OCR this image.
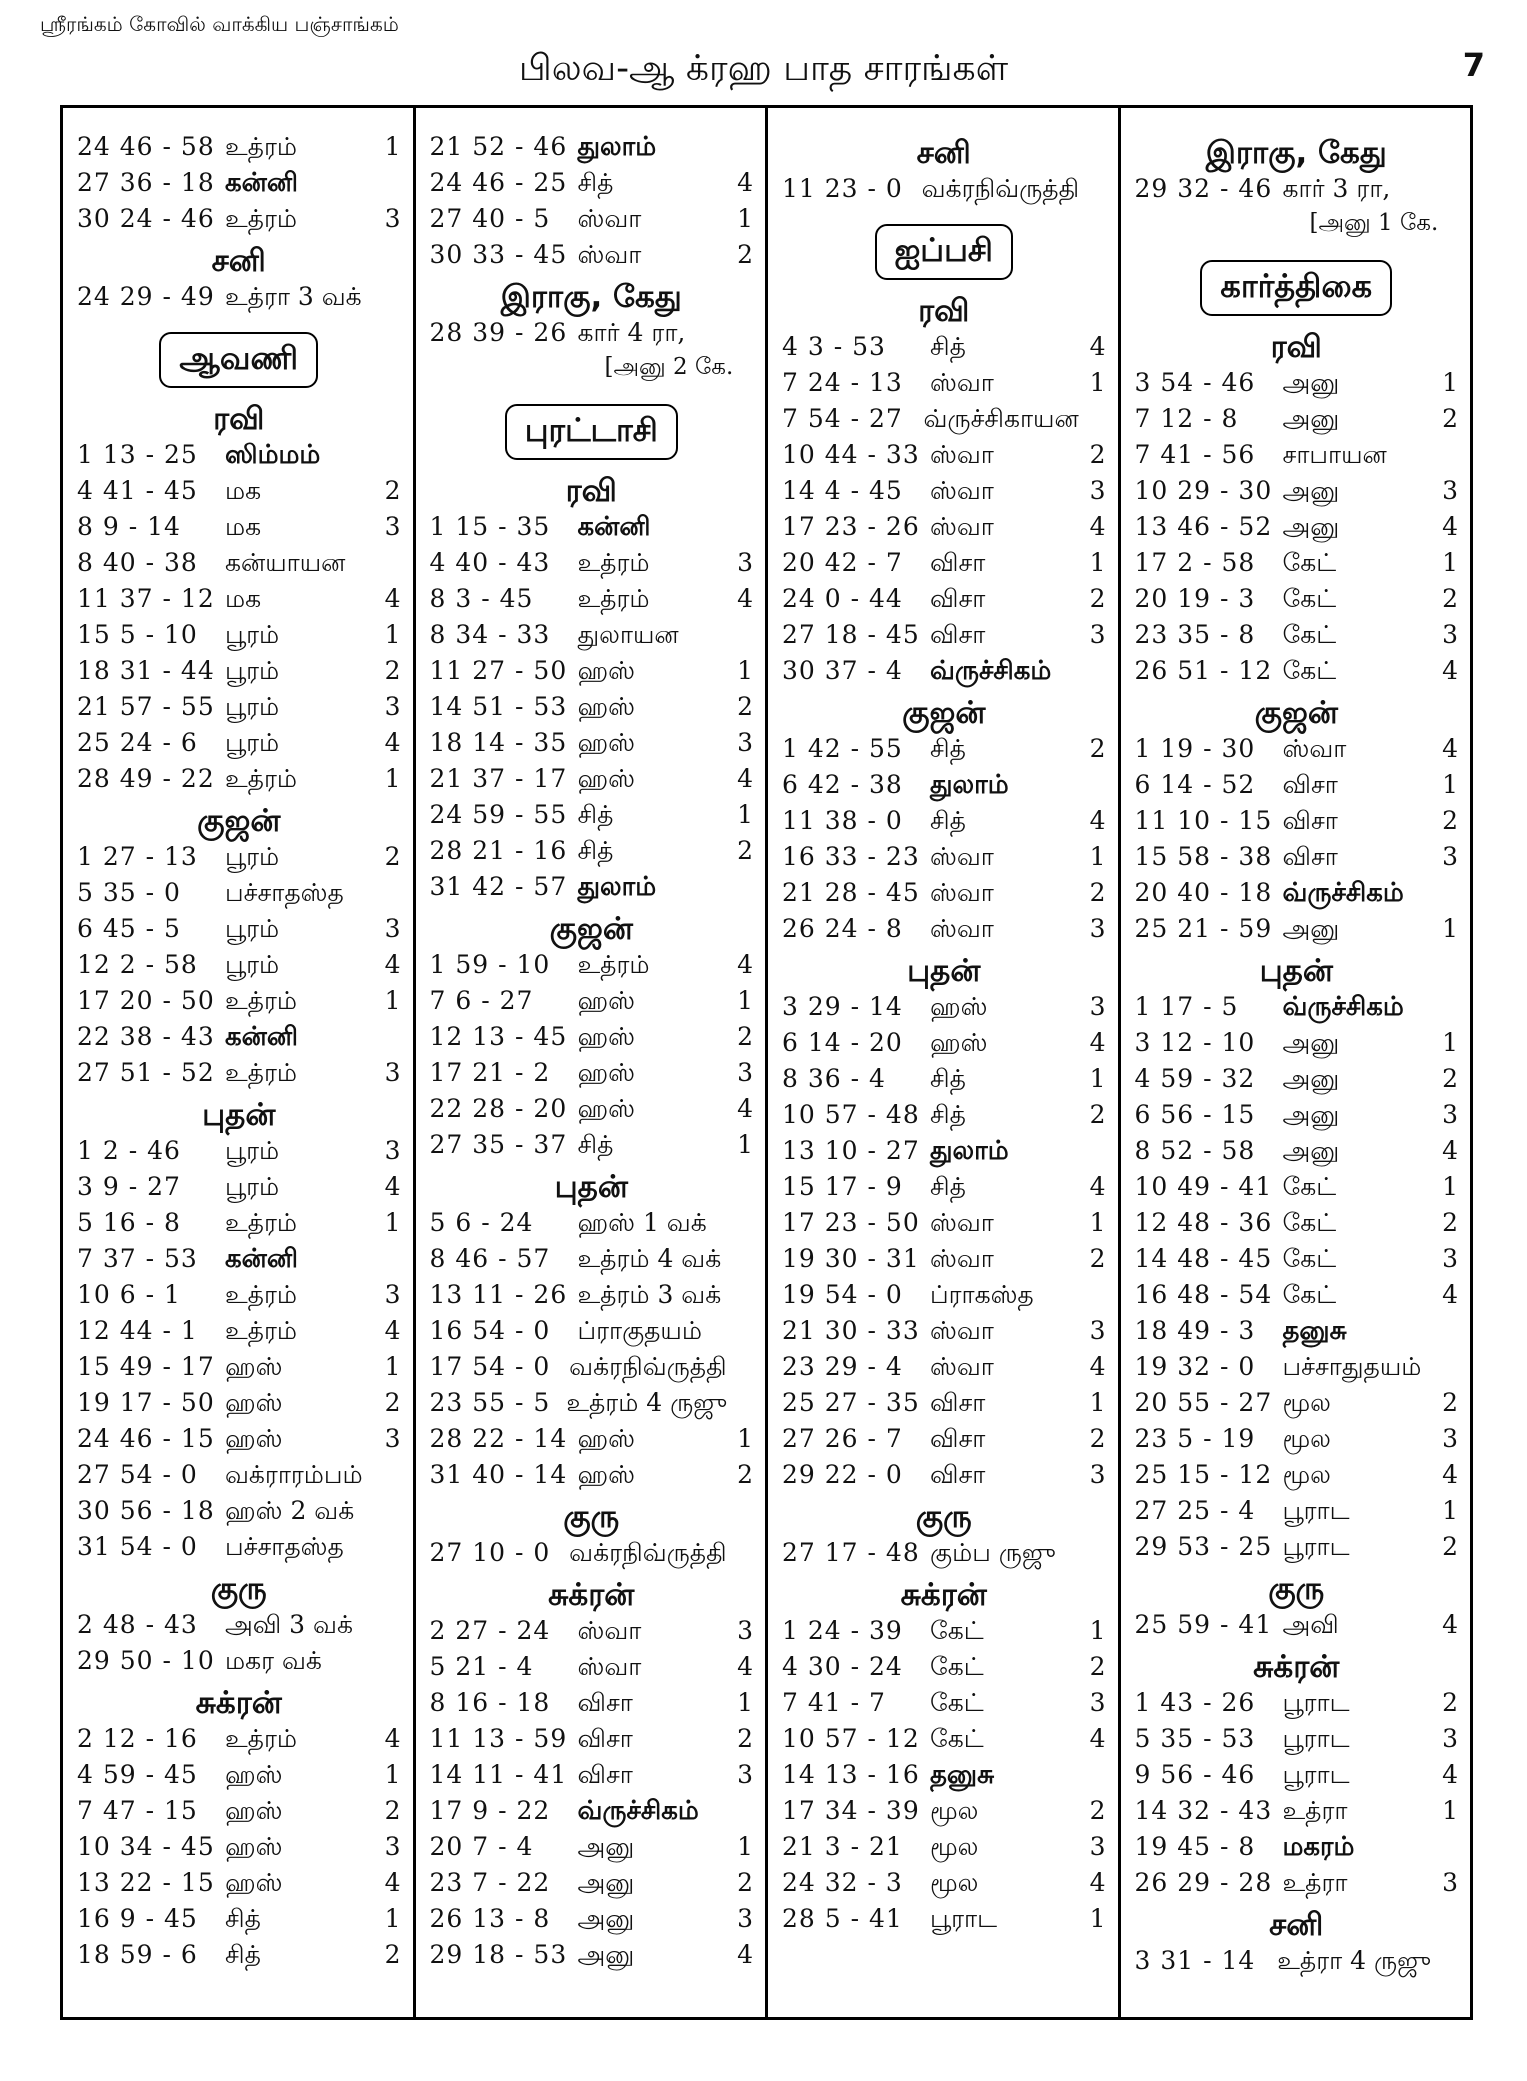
ஸ்ரீரங்கம் கோவில் வாக்கிய பஞ்சாங்கம்
பிலவ-ஆ க்ரஹ பாத சாரங்கள்	7
24 46 - 58 உத்ரம்	1
27 36 - 18 கன்னி
30 24 - 46 உத்ரம்	3
சனி
24 29 - 49 உத்ரா 3 வக்
ஆவணி
ரவி
1 13 - 25	ஸிம்மம்
4 41 - 45	மக	2
8 9 - 14	மக	3
8 40 - 38	கன்யாயன
11 37 - 12 மக	4
15 5 - 10	பூரம்	1
18 31 - 44 பூரம்	2
21 57 - 55 பூரம்	3
25 24 - 6	பூரம்	4
28 49 - 22 உத்ரம்	1
குஜன்
1 27 - 13	பூரம்	2
5 35 - 0	பச்சாதஸ்த
6 45 - 5	பூரம்	3
12 2 - 58	பூரம்	4
17 20 - 50 உத்ரம்	1
22 38 - 43 கன்னி
27 51 - 52 உத்ரம்	3
புதன்
1 2 - 46	பூரம்	3
3 9 - 27	பூரம்	4
5 16 - 8	உத்ரம்	1
7 37 - 53	கன்னி
10 6 - 1	உத்ரம்	3
12 44 - 1	உத்ரம்	4
15 49 - 17 ஹஸ்	1
19 17 - 50 ஹஸ்	2
24 46 - 15 ஹஸ்	3
27 54 - 0	வக்ராரம்பம்
30 56 - 18 ஹஸ் 2 வக்
31 54 - 0	பச்சாதஸ்த
குரு
2 48 - 43	அவி 3 வக்
29 50 - 10 மகர வக்
சுக்ரன்
2 12 - 16	உத்ரம்	4
4 59 - 45	ஹஸ்	1
7 47 - 15	ஹஸ்	2
10 34 - 45 ஹஸ்	3
13 22 - 15 ஹஸ்	4
16 9 - 45	சித்	1
18 59 - 6	சித்	2
21 52 - 46 துலாம்
24 46 - 25 சித்	4
27 40 - 5	ஸ்வா	1
30 33 - 45 ஸ்வா	2
இராகு, கேது
28 39 - 26 கார் 4 ரா,
[அனு 2 கே.
புரட்டாசி
ரவி
1 15 - 35	கன்னி
4 40 - 43	உத்ரம்	3
8 3 - 45	உத்ரம்	4
8 34 - 33	துலாயன
11 27 - 50 ஹஸ்	1
14 51 - 53 ஹஸ்	2
18 14 - 35 ஹஸ்	3
21 37 - 17 ஹஸ்	4
24 59 - 55 சித்	1
28 21 - 16 சித்	2
31 42 - 57 துலாம்
குஜன்
1 59 - 10	உத்ரம்	4
7 6 - 27	ஹஸ்	1
12 13 - 45 ஹஸ்	2
17 21 - 2	ஹஸ்	3
22 28 - 20 ஹஸ்	4
27 35 - 37 சித்	1
புதன்
5 6 - 24	ஹஸ் 1 வக்
8 46 - 57	உத்ரம் 4 வக்
13 11 - 26 உத்ரம் 3 வக்
16 54 - 0	ப்ராகுதயம்
17 54 - 0 வக்ரநிவ்ருத்தி
23 55 - 5 உத்ரம் 4 ருஜு
28 22 - 14 ஹஸ்	1
31 40 - 14 ஹஸ்	2
குரு
27 10 - 0 வக்ரநிவ்ருத்தி
சுக்ரன்
2 27 - 24	ஸ்வா	3
5 21 - 4	ஸ்வா	4
8 16 - 18	விசா	1
11 13 - 59 விசா	2
14 11 - 41 விசா	3
17 9 - 22	வ்ருச்சிகம்
20 7 - 4	அனு	1
23 7 - 22	அனு	2
26 13 - 8	அனு	3
29 18 - 53 அனு	4
சனி
11 23 - 0 வக்ரநிவ்ருத்தி
ஐப்பசி
ரவி
4 3 - 53	சித்	4
7 24 - 13	ஸ்வா	1
7 54 - 27 வ்ருச்சிகாயன
10 44 - 33 ஸ்வா	2
14 4 - 45	ஸ்வா	3
17 23 - 26 ஸ்வா	4
20 42 - 7	விசா	1
24 0 - 44	விசா	2
27 18 - 45 விசா	3
30 37 - 4	வ்ருச்சிகம்
குஜன்
1 42 - 55	சித்	2
6 42 - 38	துலாம்
11 38 - 0	சித்	4
16 33 - 23 ஸ்வா	1
21 28 - 45 ஸ்வா	2
26 24 - 8	ஸ்வா	3
புதன்
3 29 - 14	ஹஸ்	3
6 14 - 20	ஹஸ்	4
8 36 - 4	சித்	1
10 57 - 48 சித்	2
13 10 - 27 துலாம்
15 17 - 9	சித்	4
17 23 - 50 ஸ்வா	1
19 30 - 31 ஸ்வா	2
19 54 - 0	ப்ராகஸ்த
21 30 - 33 ஸ்வா	3
23 29 - 4	ஸ்வா	4
25 27 - 35 விசா	1
27 26 - 7	விசா	2
29 22 - 0	விசா	3
குரு
27 17 - 48 கும்ப ருஜு
சுக்ரன்
1 24 - 39	கேட்	1
4 30 - 24	கேட்	2
7 41 - 7	கேட்	3
10 57 - 12 கேட்	4
14 13 - 16 தனுசு
17 34 - 39 மூல	2
21 3 - 21	மூல	3
24 32 - 3	மூல	4
28 5 - 41	பூராட	1
இராகு, கேது
29 32 - 46 கார் 3 ரா,
[அனு 1 கே.
கார்த்திகை
ரவி
3 54 - 46	அனு	1
7 12 - 8	அனு	2
7 41 - 56	சாபாயன
10 29 - 30 அனு	3
13 46 - 52 அனு	4
17 2 - 58	கேட்	1
20 19 - 3	கேட்	2
23 35 - 8	கேட்	3
26 51 - 12 கேட்	4
குஜன்
1 19 - 30	ஸ்வா	4
6 14 - 52	விசா	1
11 10 - 15 விசா	2
15 58 - 38 விசா	3
20 40 - 18 வ்ருச்சிகம்
25 21 - 59 அனு	1
புதன்
1 17 - 5	வ்ருச்சிகம்
3 12 - 10	அனு	1
4 59 - 32	அனு	2
6 56 - 15	அனு	3
8 52 - 58	அனு	4
10 49 - 41 கேட்	1
12 48 - 36 கேட்	2
14 48 - 45 கேட்	3
16 48 - 54 கேட்	4
18 49 - 3	தனுசு
19 32 - 0	பச்சாதுதயம்
20 55 - 27 மூல	2
23 5 - 19	மூல	3
25 15 - 12 மூல	4
27 25 - 4	பூராட	1
29 53 - 25 பூராட	2
குரு
25 59 - 41 அவி	4
சுக்ரன்
1 43 - 26	பூராட	2
5 35 - 53	பூராட	3
9 56 - 46	பூராட	4
14 32 - 43 உத்ரா	1
19 45 - 8	மகரம்
26 29 - 28 உத்ரா	3
சனி
3 31 - 14 உத்ரா 4 ருஜு
